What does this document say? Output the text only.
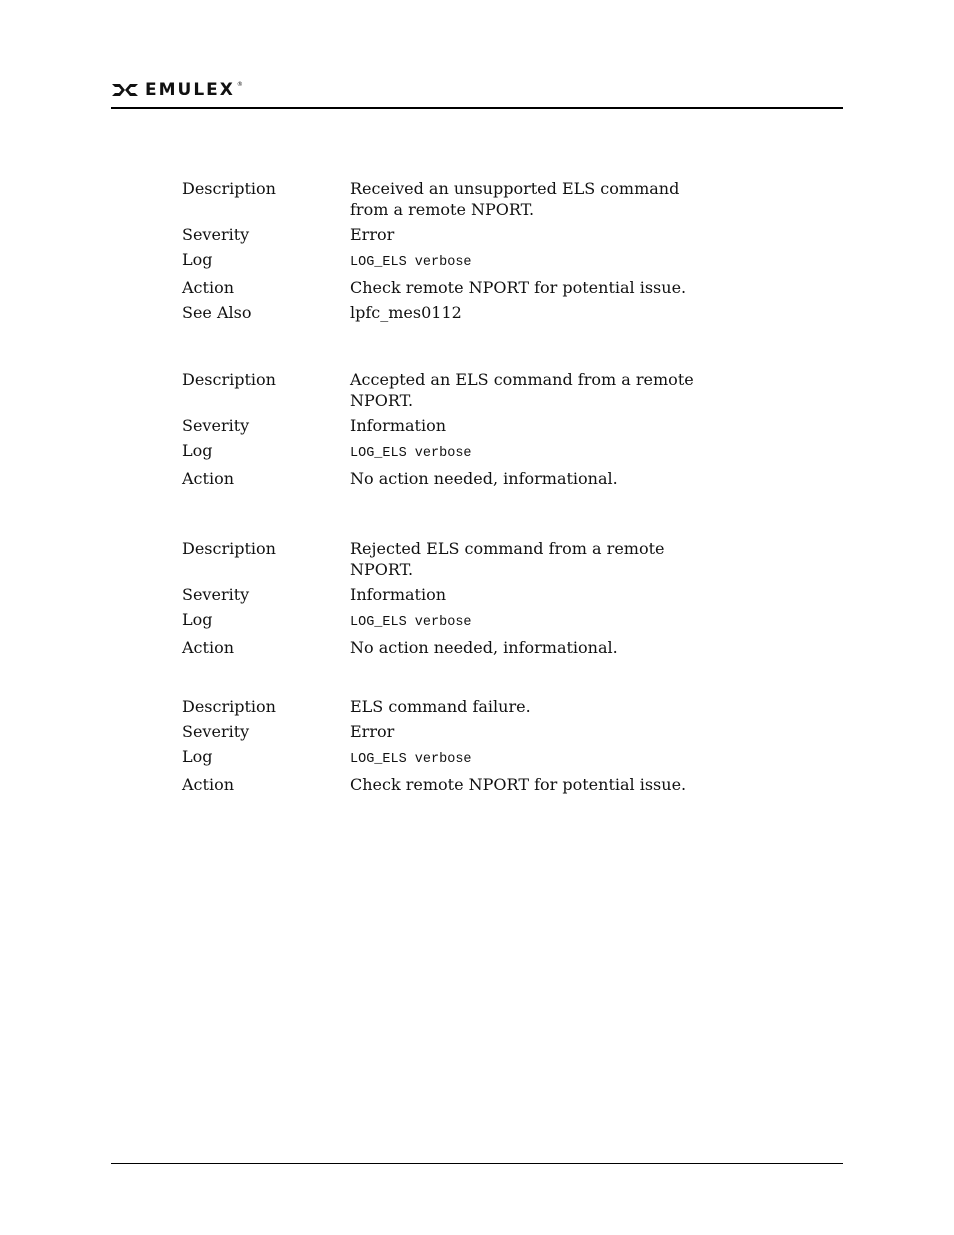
EMULEX ®
Description	Received an unsupported ELS command from a remote NPORT.
Severity	Error
Log	LOG_ELS verbose
Action	Check remote NPORT for potential issue.
See Also	lpfc_mes0112
Description	Accepted an ELS command from a remote NPORT.
Severity	Information
Log	LOG_ELS verbose
Action	No action needed, informational.
Description	Rejected ELS command from a remote NPORT.
Severity	Information
Log	LOG_ELS verbose
Action	No action needed, informational.
Description	ELS command failure.
Severity	Error
Log	LOG_ELS verbose
Action	Check remote NPORT for potential issue.
